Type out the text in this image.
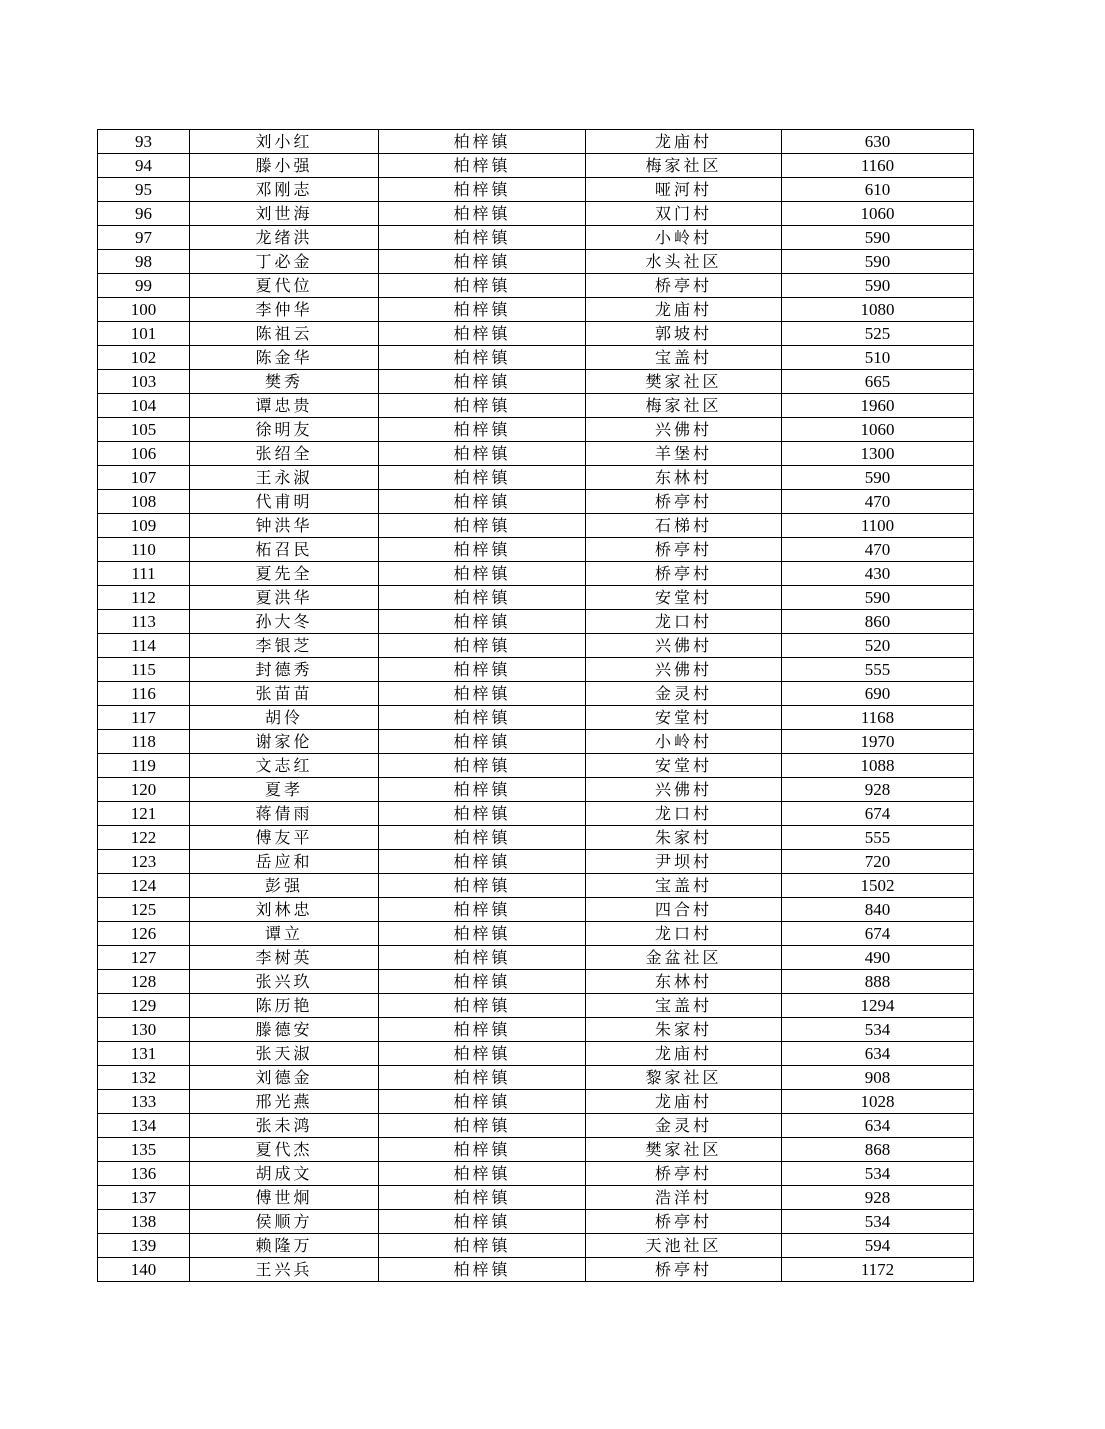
93	刘小红	柏梓镇	龙庙村	630
94	滕小强	柏梓镇	梅家社区	1160
95	邓刚志	柏梓镇	哑河村	610
96	刘世海	柏梓镇	双门村	1060
97	龙绪洪	柏梓镇	小岭村	590
98	丁必金	柏梓镇	水头社区	590
99	夏代位	柏梓镇	桥亭村	590
100	李仲华	柏梓镇	龙庙村	1080
101	陈祖云	柏梓镇	郭坡村	525
102	陈金华	柏梓镇	宝盖村	510
103	樊秀	柏梓镇	樊家社区	665
104	谭忠贵	柏梓镇	梅家社区	1960
105	徐明友	柏梓镇	兴佛村	1060
106	张绍全	柏梓镇	羊堡村	1300
107	王永淑	柏梓镇	东林村	590
108	代甫明	柏梓镇	桥亭村	470
109	钟洪华	柏梓镇	石梯村	1100
110	柘召民	柏梓镇	桥亭村	470
111	夏先全	柏梓镇	桥亭村	430
112	夏洪华	柏梓镇	安堂村	590
113	孙大冬	柏梓镇	龙口村	860
114	李银芝	柏梓镇	兴佛村	520
115	封德秀	柏梓镇	兴佛村	555
116	张苗苗	柏梓镇	金灵村	690
117	胡伶	柏梓镇	安堂村	1168
118	谢家伦	柏梓镇	小岭村	1970
119	文志红	柏梓镇	安堂村	1088
120	夏孝	柏梓镇	兴佛村	928
121	蒋倩雨	柏梓镇	龙口村	674
122	傅友平	柏梓镇	朱家村	555
123	岳应和	柏梓镇	尹坝村	720
124	彭强	柏梓镇	宝盖村	1502
125	刘林忠	柏梓镇	四合村	840
126	谭立	柏梓镇	龙口村	674
127	李树英	柏梓镇	金盆社区	490
128	张兴玖	柏梓镇	东林村	888
129	陈历艳	柏梓镇	宝盖村	1294
130	滕德安	柏梓镇	朱家村	534
131	张天淑	柏梓镇	龙庙村	634
132	刘德金	柏梓镇	黎家社区	908
133	邢光燕	柏梓镇	龙庙村	1028
134	张未鸿	柏梓镇	金灵村	634
135	夏代杰	柏梓镇	樊家社区	868
136	胡成文	柏梓镇	桥亭村	534
137	傅世炯	柏梓镇	浩洋村	928
138	侯顺方	柏梓镇	桥亭村	534
139	赖隆万	柏梓镇	天池社区	594
140	王兴兵	柏梓镇	桥亭村	1172
